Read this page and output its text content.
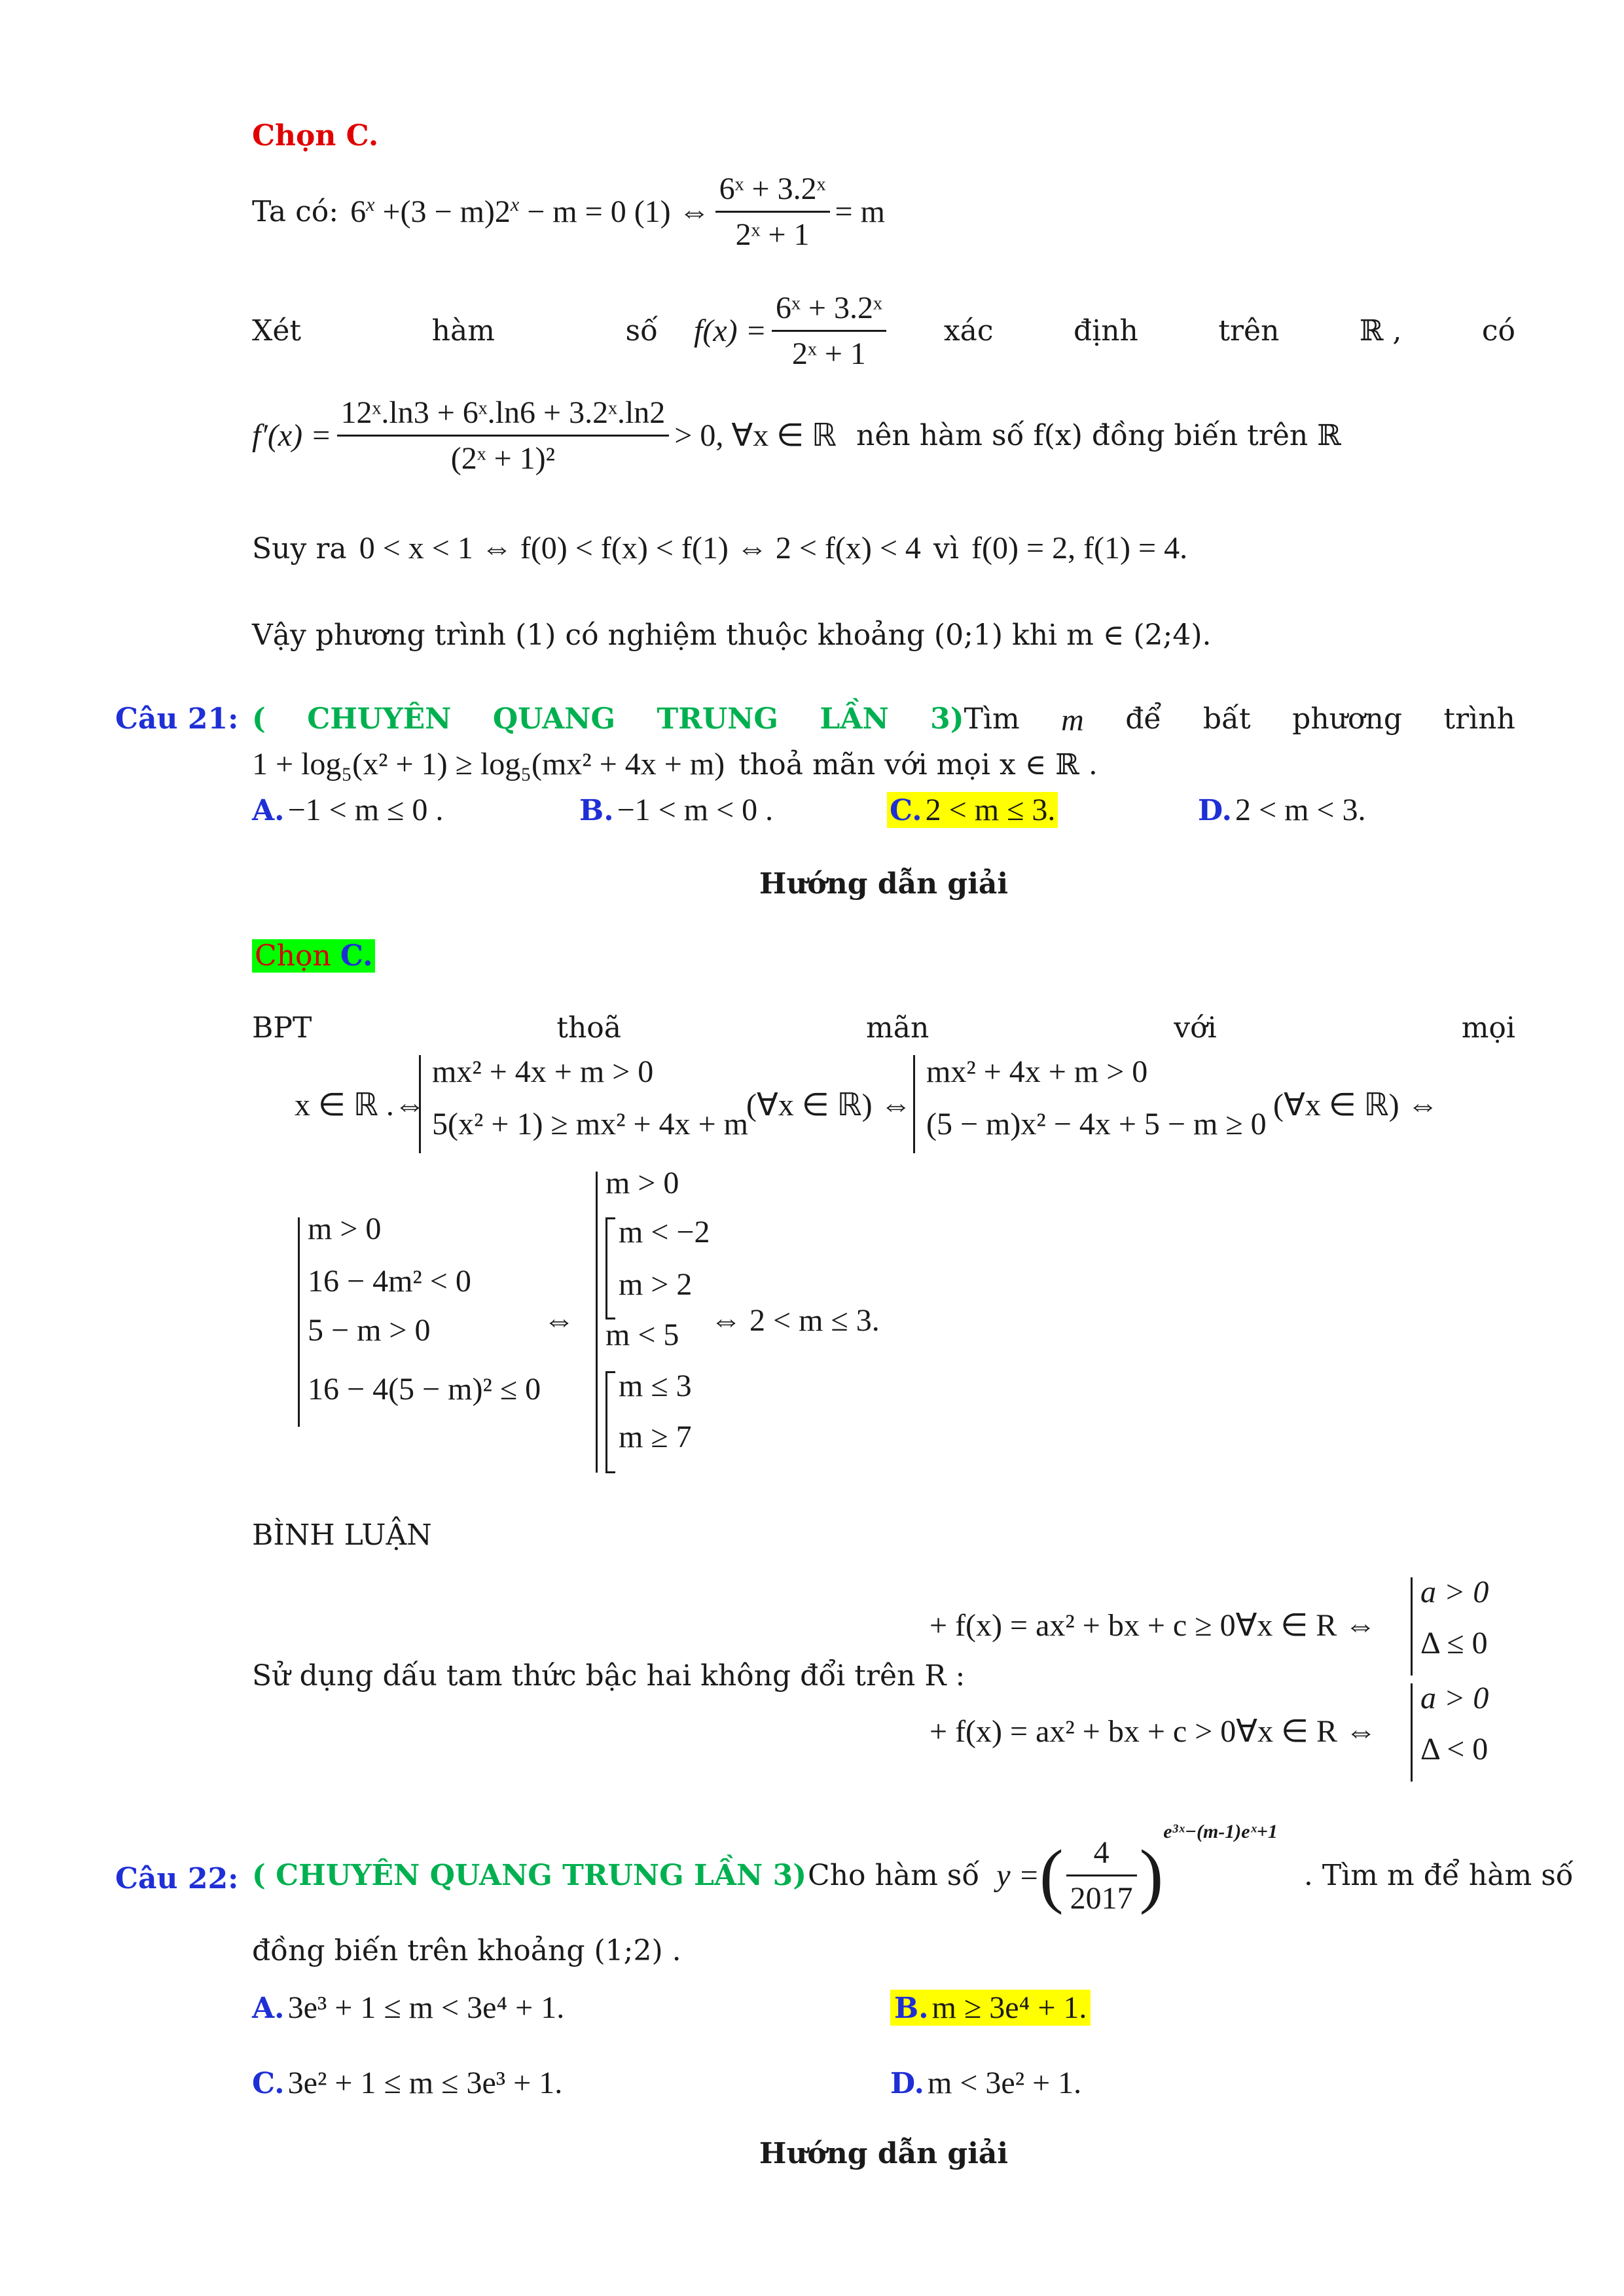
Chọn C.
Ta có: $6^x +(3 - m)2^x - m = 0$ (1) ⇔ $\frac{\text{6ˣ + 3.2ˣ}}{\text{2ˣ + 1}} = m$
Xét	hàm	số $f(x) = \frac{\text{6ˣ + 3.2ˣ}}{\text{2ˣ + 1}}$ xác	định	trên	ℝ ,	có
$f'(x) = \frac{\text{12ˣ.ln3 + 6ˣ.ln6 + 3.2ˣ.ln2}}{\text{(2ˣ + 1)²}} > 0$, ∀x ∈ ℝ nên hàm số f(x) đồng biến trên ℝ
Suy ra 0 < x < 1 ⇔ f(0) < f(x) < f(1) ⇔ 2 < f(x) < 4 vì f(0) = 2, f(1) = 4.
Vậy phương trình (1) có nghiệm thuộc khoảng (0;1) khi m ∈ (2;4).
Câu 21: ( CHUYÊN QUANG TRUNG LẦN 3) Tìm m để bất phương trình
1 + log₅(x² + 1) ≥ log₅(mx² + 4x + m) thoả mãn với mọi x ∈ ℝ .
A. −1 < m ≤ 0 .	B. −1 < m < 0 .	C. 2 < m ≤ 3.	D. 2 < m < 3.
Hướng dẫn giải
Chọn C.
BPT	thoã	mãn	với	mọi
x ∈ ℝ .⇔
mx² + 4x + m > 0
5(x² + 1) ≥ mx² + 4x + m
(∀x ∈ ℝ) ⇔
mx² + 4x + m > 0
(5 − m)x² − 4x + 5 − m ≥ 0
(∀x ∈ ℝ) ⇔
m > 0
16 − 4m² < 0
5 − m > 0
16 − 4(5 − m)² ≤ 0
⇔
m > 0
m < −2
m > 2
m < 5
m ≤ 3
m ≥ 7
⇔ 2 < m ≤ 3.
BÌNH LUẬN
+ f(x) = ax² + bx + c ≥ 0∀x ∈ R ⇔
a > 0
Δ ≤ 0
Sử dụng dấu tam thức bậc hai không đổi trên R :
+ f(x) = ax² + bx + c > 0∀x ∈ R ⇔
a > 0
Δ < 0
Câu 22: ( CHUYÊN QUANG TRUNG LẦN 3) Cho hàm số y = ( $\frac{4}{2017}$ )
e³ˣ−(m-1)eˣ+1
. Tìm m để hàm số
đồng biến trên khoảng (1;2) .
A. 3e³ + 1 ≤ m < 3e⁴ + 1.	B. m ≥ 3e⁴ + 1.
C. 3e² + 1 ≤ m ≤ 3e³ + 1.	D. m < 3e² + 1.
Hướng dẫn giải
